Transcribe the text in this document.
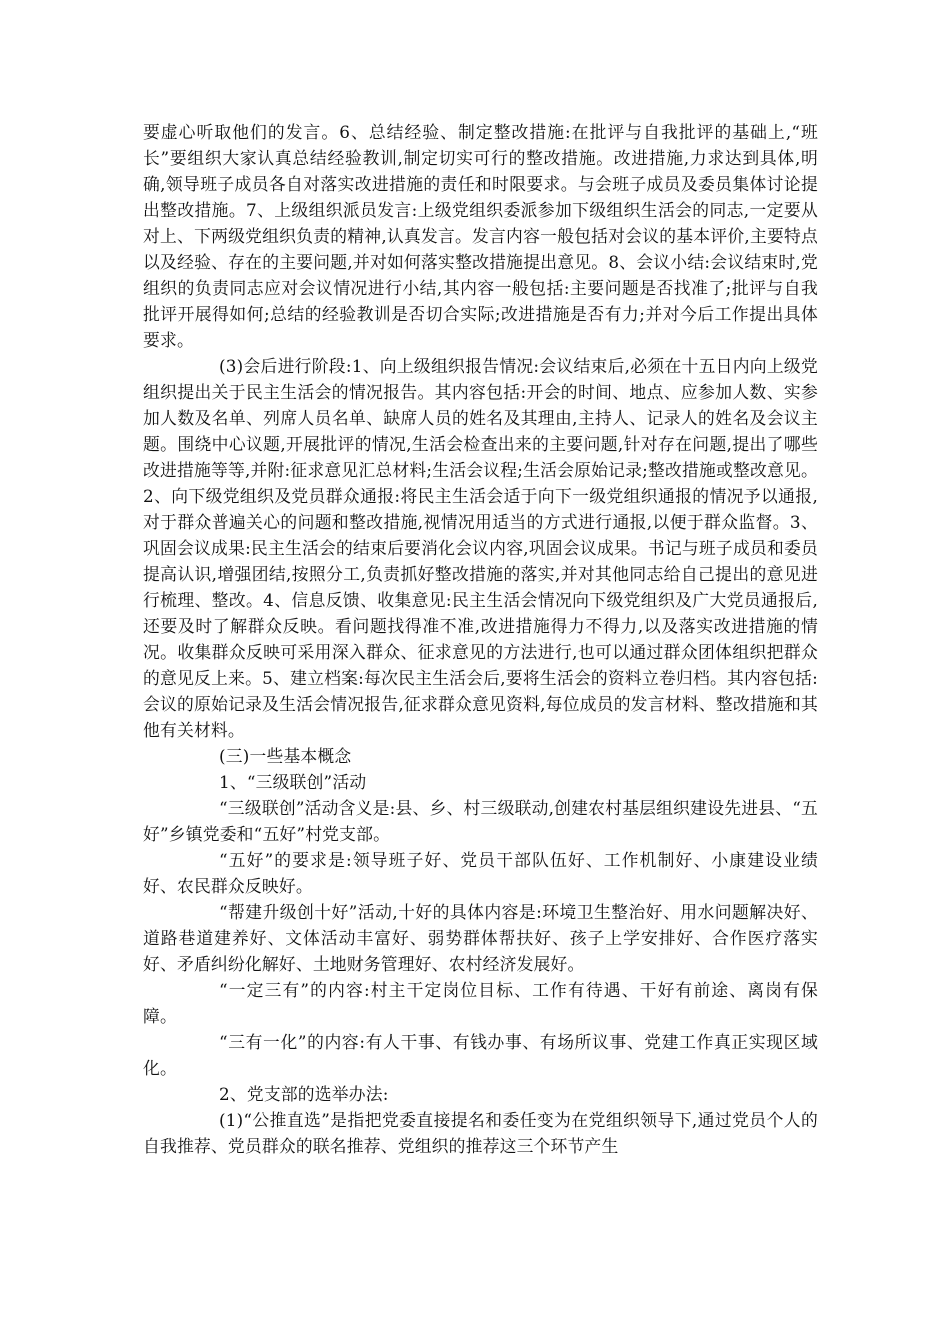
要虚心听取他们的发言。6、总结经验、制定整改措施:在批评与自我批评的基础上,“班长”要组织大家认真总结经验教训,制定切实可行的整改措施。改进措施,力求达到具体,明确,领导班子成员各自对落实改进措施的责任和时限要求。与会班子成员及委员集体讨论提出整改措施。7、上级组织派员发言:上级党组织委派参加下级组织生活会的同志,一定要从对上、下两级党组织负责的精神,认真发言。发言内容一般包括对会议的基本评价,主要特点以及经验、存在的主要问题,并对如何落实整改措施提出意见。8、会议小结:会议结束时,党组织的负责同志应对会议情况进行小结,其内容一般包括:主要问题是否找准了;批评与自我批评开展得如何;总结的经验教训是否切合实际;改进措施是否有力;并对今后工作提出具体要求。

(3)会后进行阶段:1、向上级组织报告情况:会议结束后,必须在十五日内向上级党组织提出关于民主生活会的情况报告。其内容包括:开会的时间、地点、应参加人数、实参加人数及名单、列席人员名单、缺席人员的姓名及其理由,主持人、记录人的姓名及会议主题。围绕中心议题,开展批评的情况,生活会检查出来的主要问题,针对存在问题,提出了哪些改进措施等等,并附:征求意见汇总材料;生活会议程;生活会原始记录;整改措施或整改意见。2、向下级党组织及党员群众通报:将民主生活会适于向下一级党组织通报的情况予以通报,对于群众普遍关心的问题和整改措施,视情况用适当的方式进行通报,以便于群众监督。3、巩固会议成果:民主生活会的结束后要消化会议内容,巩固会议成果。书记与班子成员和委员提高认识,增强团结,按照分工,负责抓好整改措施的落实,并对其他同志给自己提出的意见进行梳理、整改。4、信息反馈、收集意见:民主生活会情况向下级党组织及广大党员通报后,还要及时了解群众反映。看问题找得准不准,改进措施得力不得力,以及落实改进措施的情况。收集群众反映可采用深入群众、征求意见的方法进行,也可以通过群众团体组织把群众的意见反上来。5、建立档案:每次民主生活会后,要将生活会的资料立卷归档。其内容包括:会议的原始记录及生活会情况报告,征求群众意见资料,每位成员的发言材料、整改措施和其他有关材料。

(三)一些基本概念

1、“三级联创”活动

“三级联创”活动含义是:县、乡、村三级联动,创建农村基层组织建设先进县、“五好”乡镇党委和“五好”村党支部。

“五好”的要求是:领导班子好、党员干部队伍好、工作机制好、小康建设业绩好、农民群众反映好。

“帮建升级创十好”活动,十好的具体内容是:环境卫生整治好、用水问题解决好、道路巷道建养好、文体活动丰富好、弱势群体帮扶好、孩子上学安排好、合作医疗落实好、矛盾纠纷化解好、土地财务管理好、农村经济发展好。

“一定三有”的内容:村主干定岗位目标、工作有待遇、干好有前途、离岗有保障。

“三有一化”的内容:有人干事、有钱办事、有场所议事、党建工作真正实现区域化。

2、党支部的选举办法:

(1)“公推直选”是指把党委直接提名和委任变为在党组织领导下,通过党员个人的自我推荐、党员群众的联名推荐、党组织的推荐这三个环节产生
